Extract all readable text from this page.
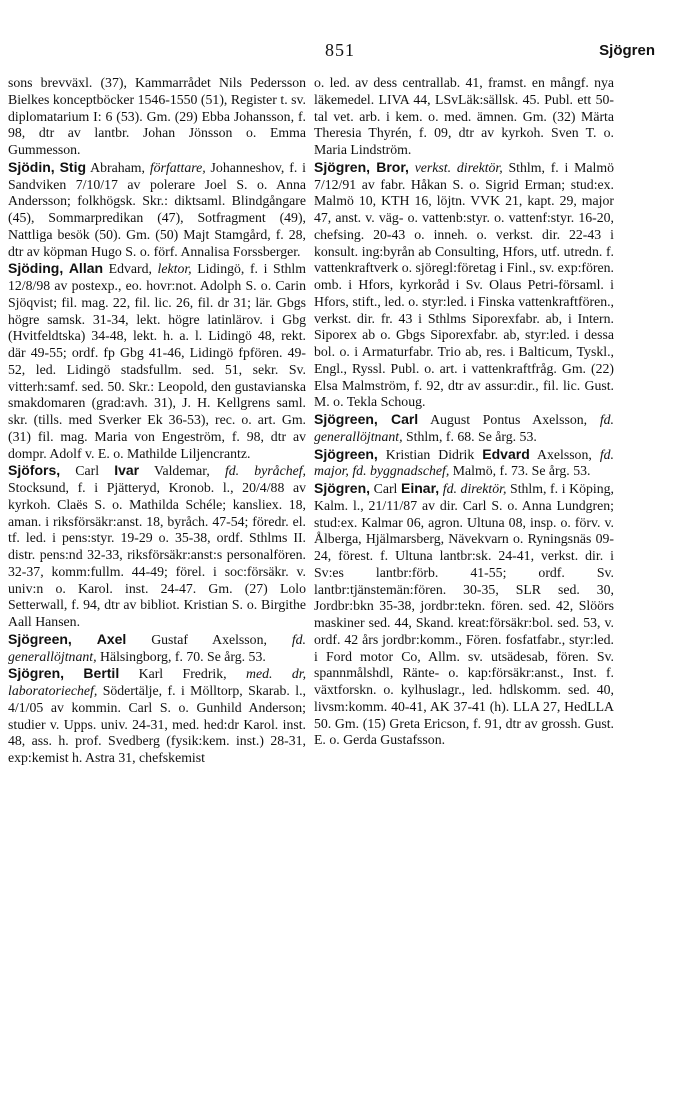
851	Sjögren

sons brevväxl. (37), Kammarrådet Nils Pedersson Bielkes konceptböcker 1546-1550 (51), Register t. sv. diplomatarium I: 6 (53). Gm. (29) Ebba Johansson, f. 98, dtr av lantbr. Johan Jönsson o. Emma Gummesson.

Sjödin, Stig Abraham, författare, Johanneshov, f. i Sandviken 7/10/17 av polerare Joel S. o. Anna Andersson; folkhögsk. Skr.: diktsaml. Blindgångare (45), Sommarpredikan (47), Sotfragment (49), Nattliga besök (50). Gm. (50) Majt Stamgård, f. 28, dtr av köpman Hugo S. o. förf. Annalisa Forssberger.

Sjöding, Allan Edvard, lektor, Lidingö, f. i Sthlm 12/8/98 av postexp., eo. hovr:not. Adolph S. o. Carin Sjöqvist; fil. mag. 22, fil. lic. 26, fil. dr 31; lär. Gbgs högre samsk. 31-34, lekt. högre latinlärov. i Gbg (Hvitfeldtska) 34-48, lekt. h. a. l. Lidingö 48, rekt. där 49-55; ordf. fp Gbg 41-46, Lidingö fpfören. 49-52, led. Lidingö stadsfullm. sed. 51, sekr. Sv. vitterh:samf. sed. 50. Skr.: Leopold, den gustavianska smakdomaren (grad:avh. 31), J. H. Kellgrens saml. skr. (tills. med Sverker Ek 36-53), rec. o. art. Gm. (31) fil. mag. Maria von Engeström, f. 98, dtr av dompr. Adolf v. E. o. Mathilde Liljencrantz.

Sjöfors, Carl Ivar Valdemar, fd. byråchef, Stocksund, f. i Pjätteryd, Kronob. l., 20/4/88 av kyrkoh. Claës S. o. Mathilda Schéle; kansliex. 18, aman. i riksförsäkr:anst. 18, byråch. 47-54; föredr. el. tf. led. i pens:styr. 19-29 o. 35-38, ordf. Sthlms II. distr. pens:nd 32-33, riksförsäkr:anst:s personalfören. 32-37, komm:fullm. 44-49; förel. i soc:försäkr. v. univ:n o. Karol. inst. 24-47. Gm. (27) Lolo Setterwall, f. 94, dtr av bibliot. Kristian S. o. Birgithe Aall Hansen.

Sjögreen, Axel Gustaf Axelsson, fd. generallöjtnant, Hälsingborg, f. 70. Se årg. 53.

Sjögren, Bertil Karl Fredrik, med. dr, laboratoriechef, Södertälje, f. i Mölltorp, Skarab. l., 4/1/05 av kommin. Carl S. o. Gunhild Anderson; studier v. Upps. univ. 24-31, med. hed:dr Karol. inst. 48, ass. h. prof. Svedberg (fysik:kem. inst.) 28-31, exp:kemist h. Astra 31, chefskemist

o. led. av dess centrallab. 41, framst. en mångf. nya läkemedel. LIVA 44, LSvLäk:sällsk. 45. Publ. ett 50-tal vet. arb. i kem. o. med. ämnen. Gm. (32) Märta Theresia Thyrén, f. 09, dtr av kyrkoh. Sven T. o. Maria Lindström.

Sjögren, Bror, verkst. direktör, Sthlm, f. i Malmö 7/12/91 av fabr. Håkan S. o. Sigrid Erman; stud:ex. Malmö 10, KTH 16, löjtn. VVK 21, kapt. 29, major 47, anst. v. väg- o. vattenb:styr. o. vattenf:styr. 16-20, chefsing. 20-43 o. inneh. o. verkst. dir. 22-43 i konsult. ing:byrån ab Consulting, Hfors, utf. utredn. f. vattenkraftverk o. sjöregl:företag i Finl., sv. exp:fören. omb. i Hfors, kyrkoråd i Sv. Olaus Petri-församl. i Hfors, stift., led. o. styr:led. i Finska vattenkraftfören., verkst. dir. fr. 43 i Sthlms Siporexfabr. ab, i Intern. Siporex ab o. Gbgs Siporexfabr. ab, styr:led. i dessa bol. o. i Armaturfabr. Trio ab, res. i Balticum, Tyskl., Engl., Ryssl. Publ. o. art. i vattenkraftfråg. Gm. (22) Elsa Malmström, f. 92, dtr av assur:dir., fil. lic. Gust. M. o. Tekla Schoug.

Sjögreen, Carl August Pontus Axelsson, fd. generallöjtnant, Sthlm, f. 68. Se årg. 53.

Sjögreen, Kristian Didrik Edvard Axelsson, fd. major, fd. byggnadschef, Malmö, f. 73. Se årg. 53.

Sjögren, Carl Einar, fd. direktör, Sthlm, f. i Köping, Kalm. l., 21/11/87 av dir. Carl S. o. Anna Lundgren; stud:ex. Kalmar 06, agron. Ultuna 08, insp. o. förv. v. Ålberga, Hjälmarsberg, Nävekvarn o. Ryningsnäs 09-24, förest. f. Ultuna lantbr:sk. 24-41, verkst. dir. i Sv:es lantbr:förb. 41-55; ordf. Sv. lantbr:tjänstemän:fören. 30-35, SLR sed. 30, Jordbr:bkn 35-38, jordbr:tekn. fören. sed. 42, Slöörs maskiner sed. 44, Skand. kreat:försäkr:bol. sed. 53, v. ordf. 42 års jordbr:komm., Fören. fosfatfabr., styr:led. i Ford motor Co, Allm. sv. utsädesab, fören. Sv. spannmålshdl, Ränte- o. kap:försäkr:anst., Inst. f. växtforskn. o. kylhuslagr., led. hdlskomm. sed. 40, livsm:komm. 40-41, AK 37-41 (h). LLA 27, HedLLA 50. Gm. (15) Greta Ericson, f. 91, dtr av grossh. Gust. E. o. Gerda Gustafsson.
